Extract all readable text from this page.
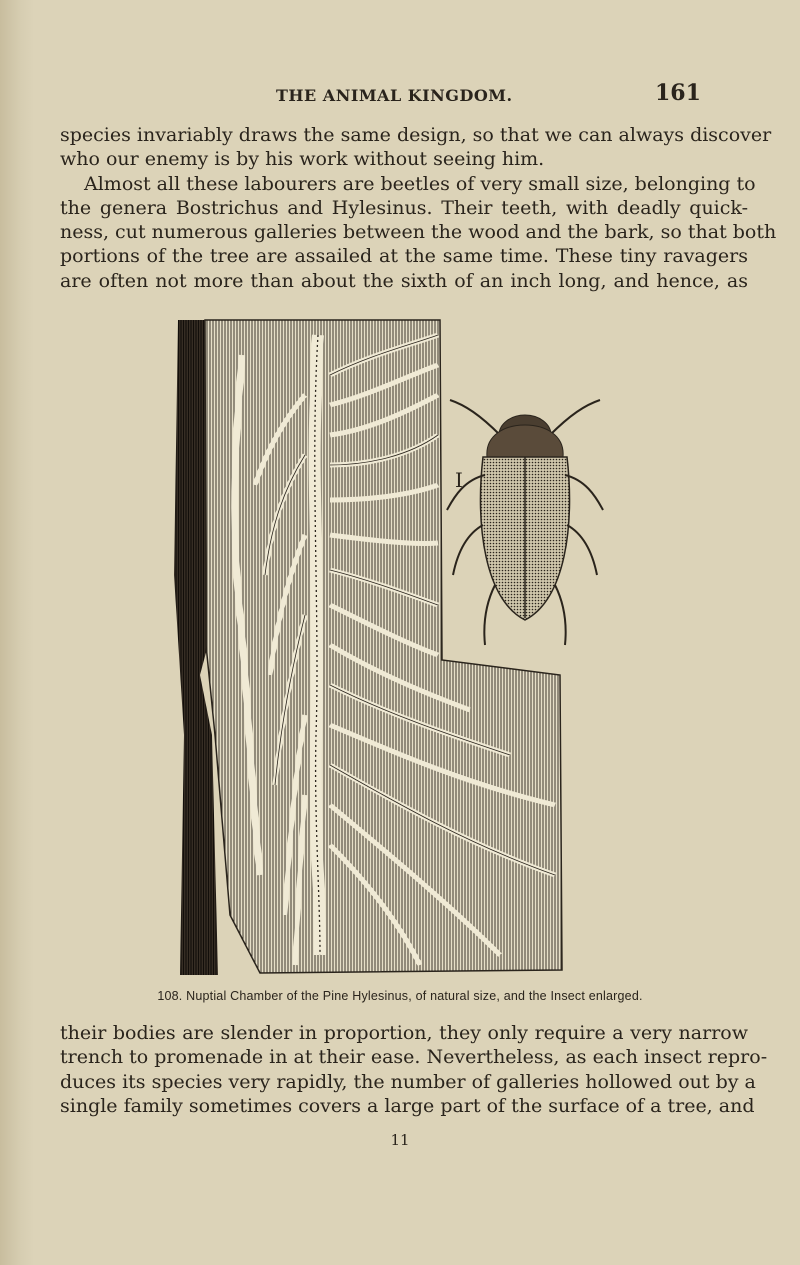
THE ANIMAL KINGDOM.	161
species invariably draws the same design, so that we can always discover
who our enemy is by his work without seeing him.
Almost all these labourers are beetles of very small size, belonging to
the genera Bostrichus and Hylesinus. Their teeth, with deadly quick-
ness, cut numerous galleries between the wood and the bark, so that both
portions of the tree are assailed at the same time. These tiny ravagers
are often not more than about the sixth of an inch long, and hence, as
I
108. Nuptial Chamber of the Pine Hylesinus, of natural size, and the Insect enlarged.
their bodies are slender in proportion, they only require a very narrow
trench to promenade in at their ease. Nevertheless, as each insect repro-
duces its species very rapidly, the number of galleries hollowed out by a
single family sometimes covers a large part of the surface of a tree, and
11
